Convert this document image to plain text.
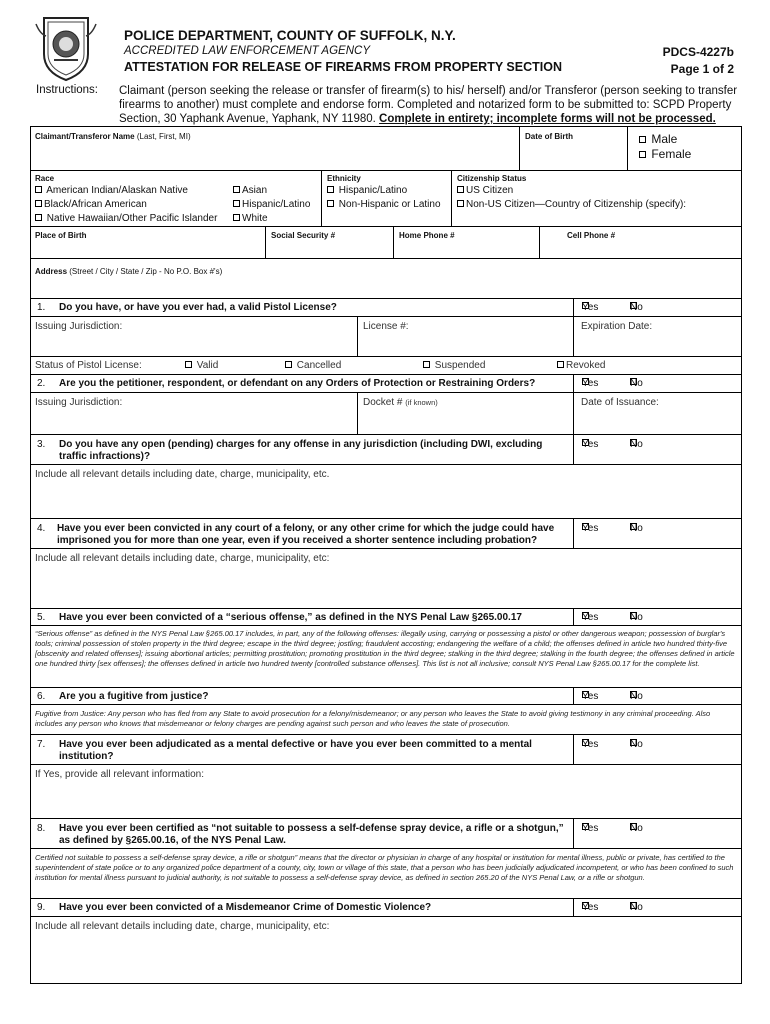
POLICE DEPARTMENT, COUNTY OF SUFFOLK, N.Y.
ACCREDITED LAW ENFORCEMENT AGENCY
ATTESTATION FOR RELEASE OF FIREARMS FROM PROPERTY SECTION
PDCS-4227b
Page 1 of 2
Instructions: Claimant (person seeking the release or transfer of firearm(s) to his/ herself) and/or Transferor (person seeking to transfer firearms to another) must complete and endorse form. Completed and notarized form to be submitted to: SCPD Property Section, 30 Yaphank Avenue, Yaphank, NY 11980. Complete in entirety; incomplete forms will not be processed.
Claimant/Transferor Name (Last, First, MI)	Date of Birth	Male
Female
Race
American Indian/Alaskan Native
Black/African American
Native Hawaiian/Other Pacific Islander
Asian
Hispanic/Latino
White
Ethnicity
Hispanic/Latino
Non-Hispanic or Latino
Citizenship Status
US Citizen
Non-US Citizen—Country of Citizenship (specify):
Place of Birth	Social Security #	Home Phone #	Cell Phone #
Address (Street / City / State / Zip - No P.O. Box #'s)
1. Do you have, or have you ever had, a valid Pistol License?	Yes	No
Issuing Jurisdiction:	License #:	Expiration Date:
Status of Pistol License:	Valid	Cancelled	Suspended	Revoked
2. Are you the petitioner, respondent, or defendant on any Orders of Protection or Restraining Orders?	Yes	No
Issuing Jurisdiction:	Docket # (if known)	Date of Issuance:
3. Do you have any open (pending) charges for any offense in any jurisdiction (including DWI, excluding traffic infractions)?
Yes	No
Include all relevant details including date, charge, municipality, etc.
4. Have you ever been convicted in any court of a felony, or any other crime for which the judge could have imprisoned you for more than one year, even if you received a shorter sentence including probation?
Yes	No
Include all relevant details including date, charge, municipality, etc:
5. Have you ever been convicted of a “serious offense,” as defined in the NYS Penal Law §265.00.17	Yes	No
“Serious offense” as defined in the NYS Penal Law §265.00.17 includes, in part, any of the following offenses: illegally using, carrying or possessing a pistol or other dangerous weapon; possession of burglar's tools; criminal possession of stolen property in the third degree; escape in the third degree; jostling; fraudulent accosting; endangering the welfare of a child; the offenses defined in article two hundred thirty-five [obscenity and related offenses]; issuing abortional articles; permitting prostitution; promoting prostitution in the third degree; stalking in the third degree; stalking in the fourth degree; the offenses defined in article one hundred thirty [sex offenses]; the offenses defined in article two hundred twenty [controlled substance offenses]. This list is not all inclusive; consult NYS Penal Law §265.00.17 for the complete list.
6. Are you a fugitive from justice?	Yes	No
Fugitive from Justice: Any person who has fled from any State to avoid prosecution for a felony/misdemeanor; or any person who leaves the State to avoid giving testimony in any criminal proceeding. Also includes any person who knows that misdemeanor or felony charges are pending against such person and who leaves the state of prosecution.
7. Have you ever been adjudicated as a mental defective or have you ever been committed to a mental institution?
Yes	No
If Yes, provide all relevant information:
8. Have you ever been certified as “not suitable to possess a self-defense spray device, a rifle or a shotgun,” as defined by §265.00.16, of the NYS Penal Law.
Yes	No
Certified not suitable to possess a self-defense spray device, a rifle or shotgun” means that the director or physician in charge of any hospital or institution for mental illness, public or private, has certified to the superintendent of state police or to any organized police department of a county, city, town or village of this state, that a person who has been judicially adjudicated incompetent, or who has been confined to such institution for mental illness pursuant to judicial authority, is not suitable to possess a self-defense spray device, as defined in section 265.20 of the NYS Penal Law, or a rifle or shotgun.
9. Have you ever been convicted of a Misdemeanor Crime of Domestic Violence?	Yes	No
Include all relevant details including date, charge, municipality, etc:
